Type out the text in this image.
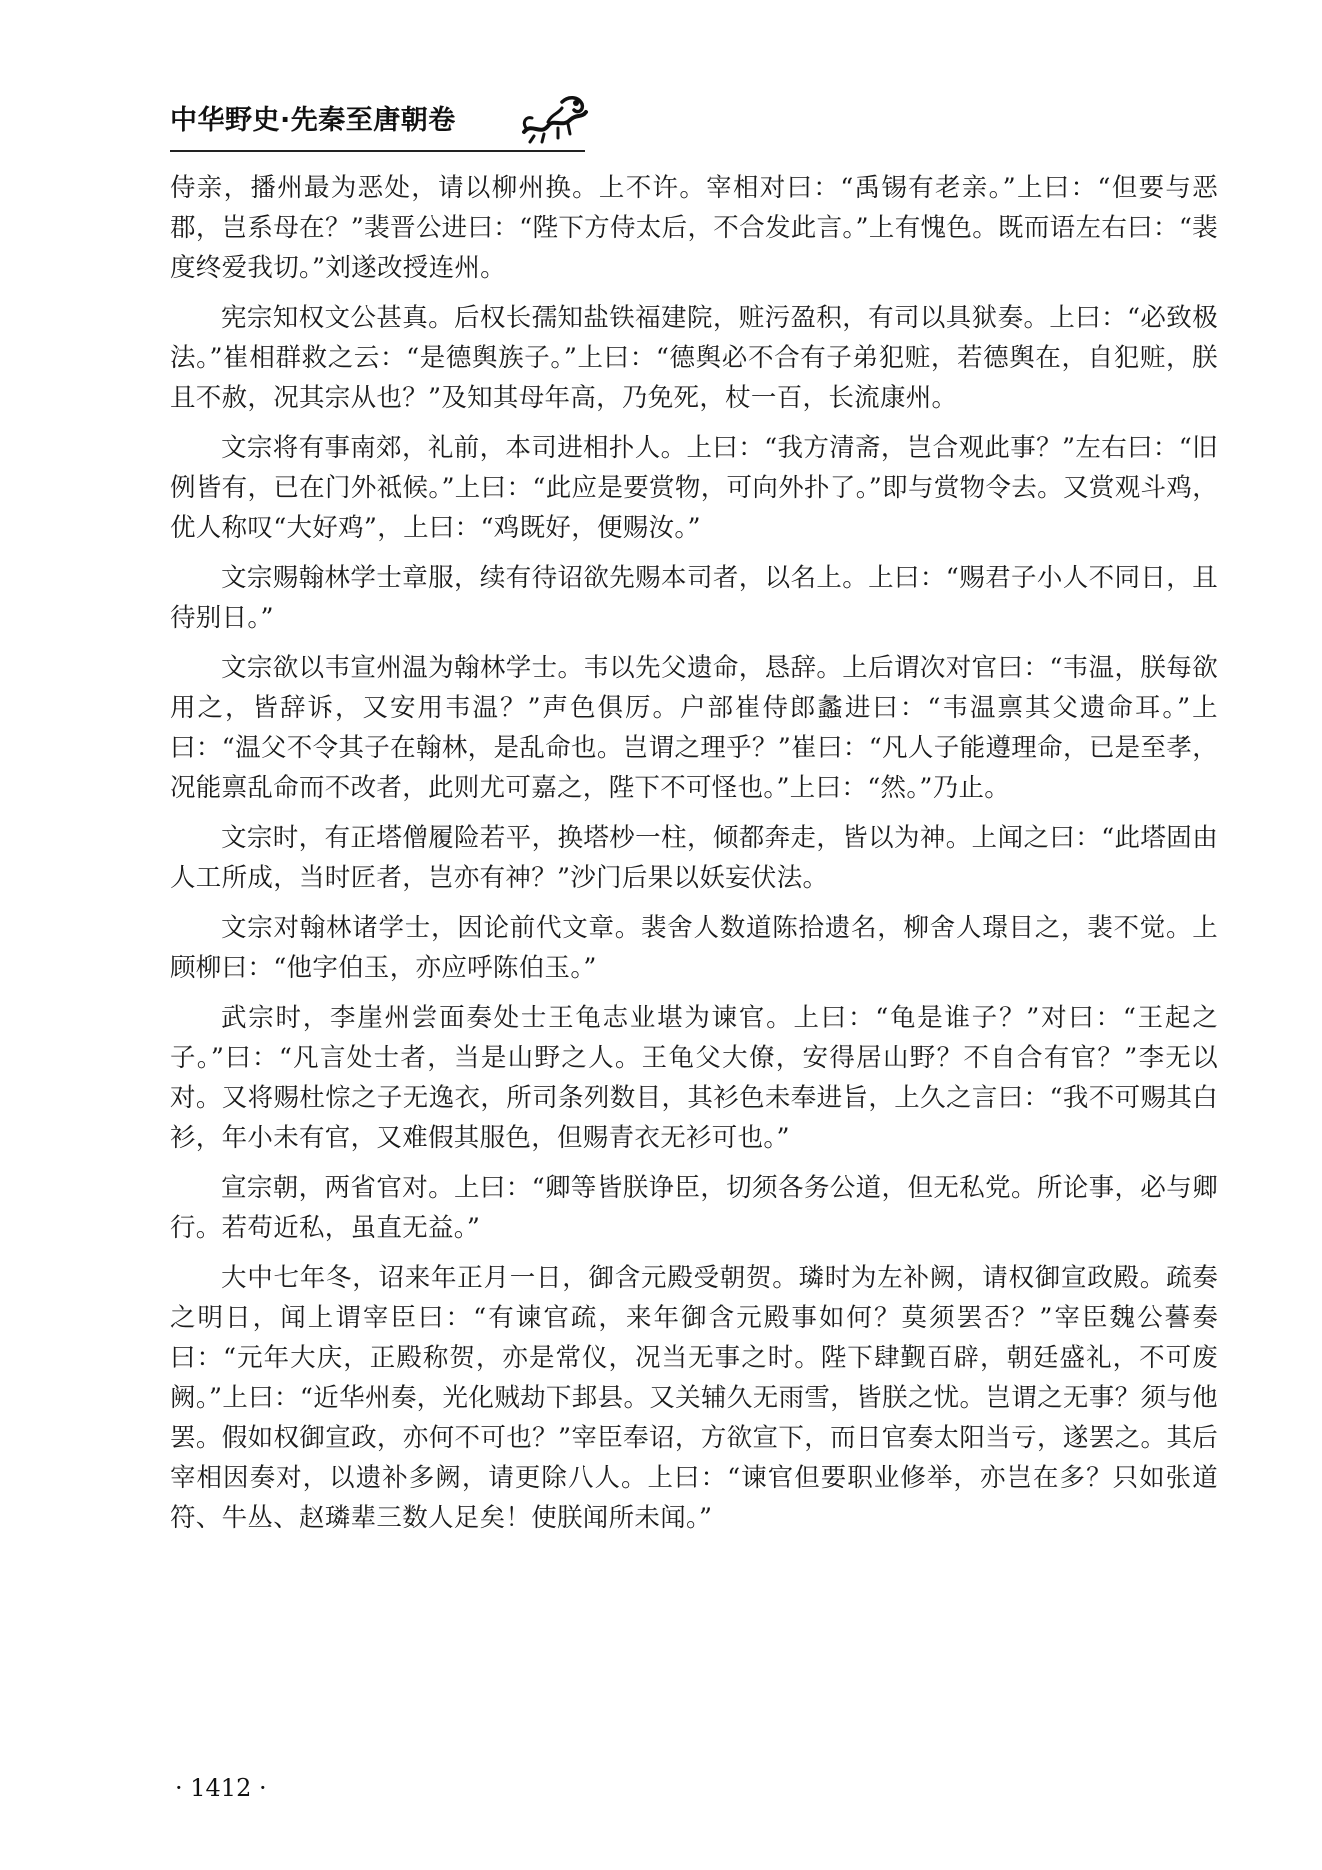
中华野史·先秦至唐朝卷

侍亲，播州最为恶处，请以柳州换。上不许。宰相对曰：“禹锡有老亲。”上曰：“但要与恶郡，岂系母在？”裴晋公进曰：“陛下方侍太后，不合发此言。”上有愧色。既而语左右曰：“裴度终爱我切。”刘遂改授连州。

宪宗知权文公甚真。后权长孺知盐铁福建院，赃污盈积，有司以具狱奏。上曰：“必致极法。”崔相群救之云：“是德舆族子。”上曰：“德舆必不合有子弟犯赃，若德舆在，自犯赃，朕且不赦，况其宗从也？”及知其母年高，乃免死，杖一百，长流康州。

文宗将有事南郊，礼前，本司进相扑人。上曰：“我方清斋，岂合观此事？”左右曰：“旧例皆有，已在门外祗候。”上曰：“此应是要赏物，可向外扑了。”即与赏物令去。又赏观斗鸡，优人称叹“大好鸡”，上曰：“鸡既好，便赐汝。”

文宗赐翰林学士章服，续有待诏欲先赐本司者，以名上。上曰：“赐君子小人不同日，且待别日。”

文宗欲以韦宣州温为翰林学士。韦以先父遗命，恳辞。上后谓次对官曰：“韦温，朕每欲用之，皆辞诉，又安用韦温？”声色俱厉。户部崔侍郎蠡进曰：“韦温禀其父遗命耳。”上曰：“温父不令其子在翰林，是乱命也。岂谓之理乎？”崔曰：“凡人子能遵理命，已是至孝，况能禀乱命而不改者，此则尤可嘉之，陛下不可怪也。”上曰：“然。”乃止。

文宗时，有正塔僧履险若平，换塔杪一柱，倾都奔走，皆以为神。上闻之曰：“此塔固由人工所成，当时匠者，岂亦有神？”沙门后果以妖妄伏法。

文宗对翰林诸学士，因论前代文章。裴舍人数道陈拾遗名，柳舍人璟目之，裴不觉。上顾柳曰：“他字伯玉，亦应呼陈伯玉。”

武宗时，李崖州尝面奏处士王龟志业堪为谏官。上曰：“龟是谁子？”对曰：“王起之子。”曰：“凡言处士者，当是山野之人。王龟父大僚，安得居山野？不自合有官？”李无以对。又将赐杜悰之子无逸衣，所司条列数目，其衫色未奉进旨，上久之言曰：“我不可赐其白衫，年小未有官，又难假其服色，但赐青衣无衫可也。”

宣宗朝，两省官对。上曰：“卿等皆朕诤臣，切须各务公道，但无私党。所论事，必与卿行。若苟近私，虽直无益。”

大中七年冬，诏来年正月一日，御含元殿受朝贺。璘时为左补阙，请权御宣政殿。疏奏之明日，闻上谓宰臣曰：“有谏官疏，来年御含元殿事如何？莫须罢否？”宰臣魏公謩奏曰：“元年大庆，正殿称贺，亦是常仪，况当无事之时。陛下肆觐百辟，朝廷盛礼，不可废阙。”上曰：“近华州奏，光化贼劫下邽县。又关辅久无雨雪，皆朕之忧。岂谓之无事？须与他罢。假如权御宣政，亦何不可也？”宰臣奉诏，方欲宣下，而日官奏太阳当亏，遂罢之。其后宰相因奏对，以遗补多阙，请更除八人。上曰：“谏官但要职业修举，亦岂在多？只如张道符、牛丛、赵璘辈三数人足矣！使朕闻所未闻。”

· 1412 ·
